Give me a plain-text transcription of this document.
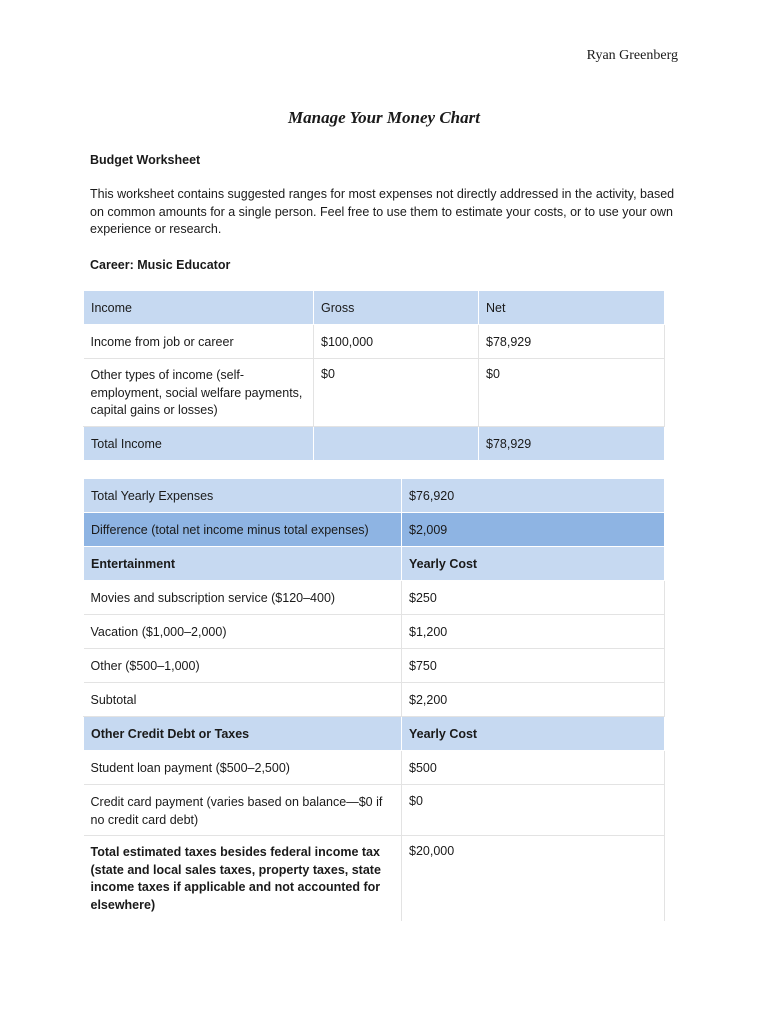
Ryan Greenberg
Manage Your Money Chart
Budget Worksheet
This worksheet contains suggested ranges for most expenses not directly addressed in the activity, based on common amounts for a single person. Feel free to use them to estimate your costs, or to use your own experience or research.
Career: Music Educator
Income	Gross	Net
Income from job or career	$100,000	$78,929
Other types of income (self-employment, social welfare payments, capital gains or losses)	$0	$0
Total Income		$78,929
Total Yearly Expenses	$76,920
Difference (total net income minus total expenses)	$2,009
Entertainment	Yearly Cost
Movies and subscription service ($120–400)	$250
Vacation ($1,000–2,000)	$1,200
Other ($500–1,000)	$750
Subtotal	$2,200
Other Credit Debt or Taxes	Yearly Cost
Student loan payment ($500–2,500)	$500
Credit card payment (varies based on balance—$0 if no credit card debt)	$0
Total estimated taxes besides federal income tax (state and local sales taxes, property taxes, state income taxes if applicable and not accounted for elsewhere)	$20,000
